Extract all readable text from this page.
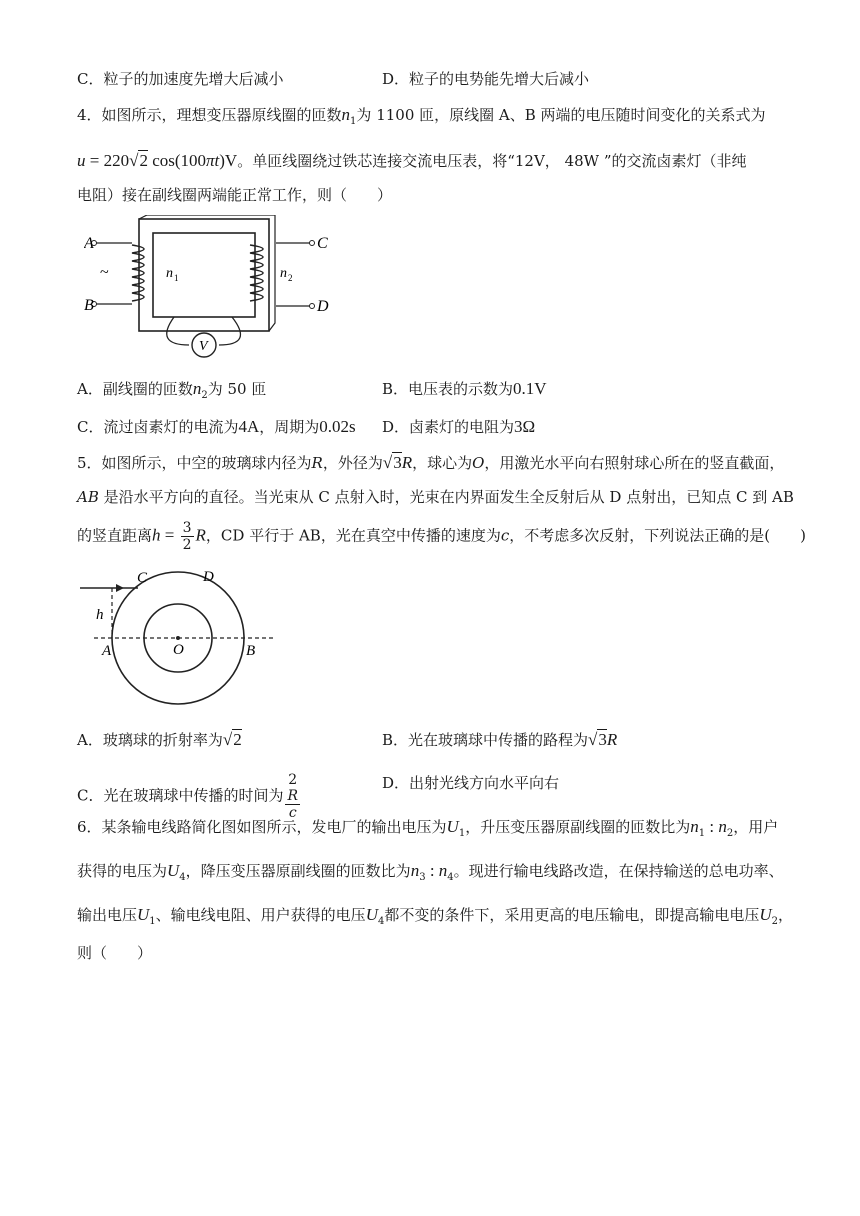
C．粒子的加速度先增大后减小	D．粒子的电势能先增大后减小
4．如图所示，理想变压器原线圈的匝数$n_1$为 1100 匝，原线圈 A、B 两端的电压随时间变化的关系式为
u = 220√2 cos(100πt)V。单匝线圈绕过铁芯连接交流电压表，将“12V， 48W ”的交流卤素灯（非纯
电阻）接在副线圈两端能正常工作，则（　　）
V
A
B
C
D
~	n 1	n 2
A．副线圈的匝数$n_2$为 50 匝	B．电压表的示数为0.1V
C．流过卤素灯的电流为4A，周期为0.02s D．卤素灯的电阻为3Ω
5．如图所示，中空的玻璃球内径为R，外径为√3R，球心为O，用激光水平向右照射球心所在的竖直截面，
AB 是沿水平方向的直径。当光束从 C 点射入时，光束在内界面发生全反射后从 D 点射出，已知点 C 到 AB
的竖直距离$h = \frac{3}{2}$ R，CD 平行于 AB，光在真空中传播的速度为c，不考虑多次反射，下列说法正确的是(　　)
C	D
h
A	O	B
A．玻璃球的折射率为√2	B．光在玻璃球中传播的路程为√3R
C．光在玻璃球中传播的时间为 2
R
c	D．出射光线方向水平向右
6．某条输电线路简化图如图所示，发电厂的输出电压为$U_1$，升压变压器原副线圈的匝数比为$n_1$ : $n_2$，用户
获得的电压为$U_4$，降压变压器原副线圈的匝数比为$n_3$ : $n_4$。现进行输电线路改造，在保持输送的总电功率、
输出电压$U_1$、输电线电阻、用户获得的电压$U_4$都不变的条件下，采用更高的电压输电，即提高输电电压$U_2$，
则（　　）
